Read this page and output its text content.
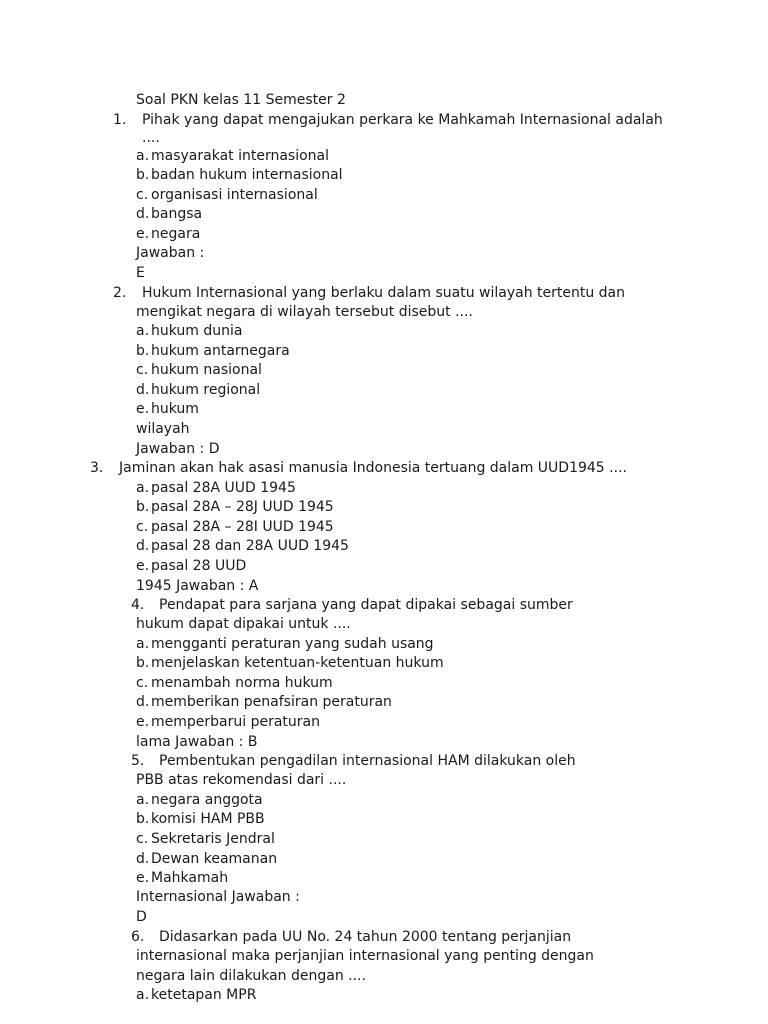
Soal PKN kelas 11 Semester 2
1. Pihak yang dapat mengajukan perkara ke Mahkamah Internasional adalah
....
a. masyarakat internasional
b. badan hukum internasional
c. organisasi internasional
d. bangsa
e. negara
Jawaban :
E
2. Hukum Internasional yang berlaku dalam suatu wilayah tertentu dan
mengikat negara di wilayah tersebut disebut ....
a. hukum dunia
b. hukum antarnegara
c. hukum nasional
d. hukum regional
e. hukum
wilayah
Jawaban : D
3. Jaminan akan hak asasi manusia Indonesia tertuang dalam UUD1945 ....
a. pasal 28A UUD 1945
b. pasal 28A – 28J UUD 1945
c. pasal 28A – 28I UUD 1945
d. pasal 28 dan 28A UUD 1945
e. pasal 28 UUD
1945 Jawaban : A
4. Pendapat para sarjana yang dapat dipakai sebagai sumber
hukum dapat dipakai untuk ....
a. mengganti peraturan yang sudah usang
b. menjelaskan ketentuan-ketentuan hukum
c. menambah norma hukum
d. memberikan penafsiran peraturan
e. memperbarui peraturan
lama Jawaban : B
5. Pembentukan pengadilan internasional HAM dilakukan oleh
PBB atas rekomendasi dari ....
a. negara anggota
b. komisi HAM PBB
c. Sekretaris Jendral
d. Dewan keamanan
e. Mahkamah
Internasional Jawaban :
D
6. Didasarkan pada UU No. 24 tahun 2000 tentang perjanjian
internasional maka perjanjian internasional yang penting dengan
negara lain dilakukan dengan ....
a. ketetapan MPR
